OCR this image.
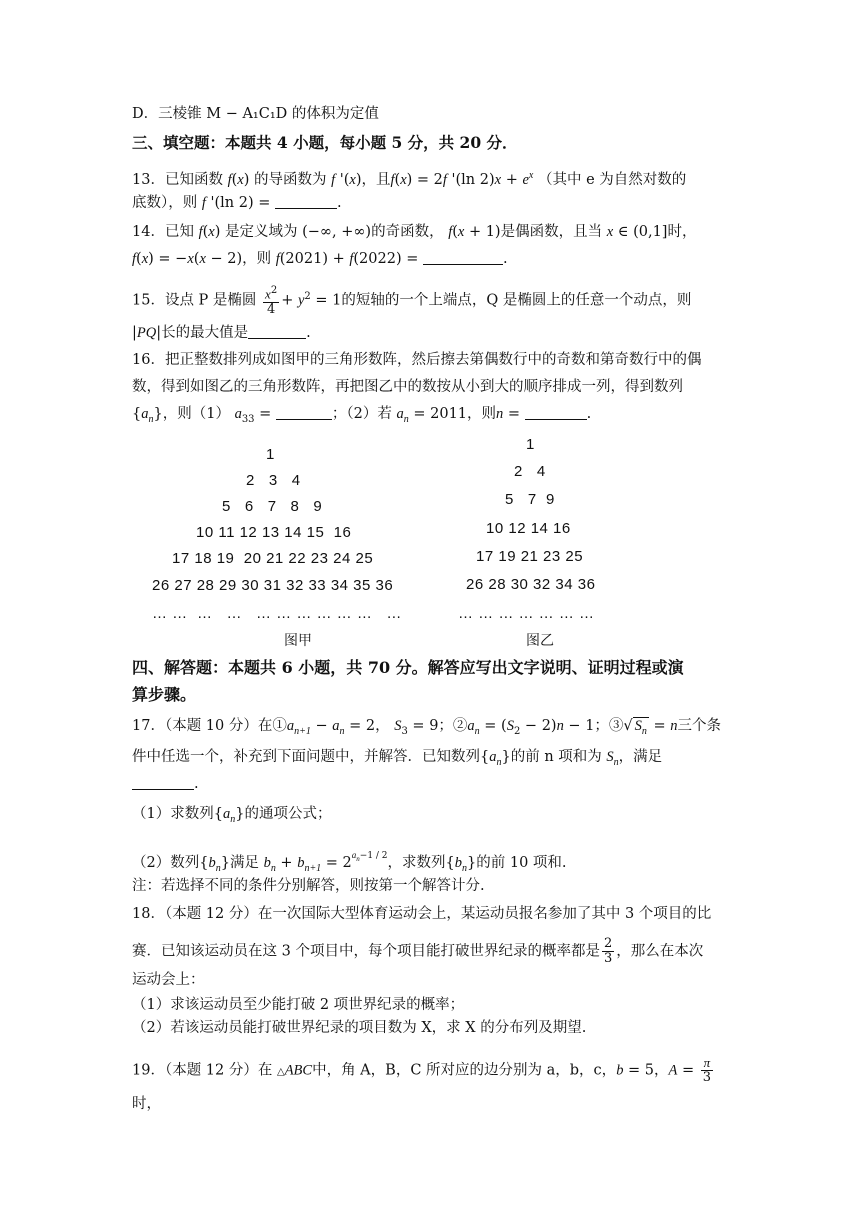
D．三棱锥 M − A₁C₁D 的体积为定值
三、填空题：本题共 4 小题，每小题 5 分，共 20 分．
13．已知函数 f(x) 的导函数为 f '(x)，且f(x) = 2f '(ln $2)x + e^x$ （其中 e 为自然对数的
底数），则 f '(ln 2) =	.
14．已知 f(x) 是定义域为 (−∞, +∞)的奇函数， f(x + 1)是偶函数，且当 x ∈ (0,1]时，
f(x) = −x(x − 2)，则 f(2021) + f(2022) =	.
15．设点 P 是椭圆 $\frac{x^2}{4} + y^2 = 1$的短轴的一个上端点，Q 是椭圆上的任意一个动点，则
|PQ|长的最大值是	.
16．把正整数排列成如图甲的三角形数阵，然后擦去第偶数行中的奇数和第奇数行中的偶
数，得到如图乙的三角形数阵，再把图乙中的数按从小到大的顺序排成一列，得到数列
$\{a_n\}$，则（1） $a_{33}$ =	；（2）若 $a_n = 2011$，则n =	.
1
2   3   4
5   6   7   8   9
10 11 12 13 14 15  16
17 18 19  20 21 22 23 24 25
26 27 28 29 30 31 32 33 34 35 36
… …  …   …   … … … … … …   …
图甲
1
2   4
5   7  9
10 12 14 16
17 19 21 23 25
26 28 30 32 34 36
… … … … … … …
图乙
四、解答题：本题共 6 小题，共 70 分。解答应写出文字说明、证明过程或演
算步骤。
17．（本题 10 分）在$①a_{n+1} - a_n = 2$， $S_3 = 9$；$②a_n = (S_2 - 2)n - 1$；③√ $S_n = n$三个条
件中任选一个，补充到下面问题中，并解答．已知数列$\{a_n\}$的前 n 项和为 $S_n$，满足
.
（1）求数列$\{a_n\}$的通项公式；
（2）数列$\{b_n\}$满足 $b_n + b_{n+1} = 2^{a_n-1 / 2}$，求数列$\{b_n\}$的前 10 项和.
注：若选择不同的条件分别解答，则按第一个解答计分.
18．（本题 12 分）在一次国际大型体育运动会上，某运动员报名参加了其中 3 个项目的比
赛．已知该运动员在这 3 个项目中，每个项目能打破世界纪录的概率都是 $\frac{2}{3}$ ，那么在本次
运动会上：
（1）求该运动员至少能打破 2 项世界纪录的概率；
（2）若该运动员能打破世界纪录的项目数为 X，求 X 的分布列及期望.
19．（本题 12 分）在 △ABC中，角 A，B，C 所对应的边分别为 a，b，c，b = 5，$A = \frac{\pi}{3}$
时，
